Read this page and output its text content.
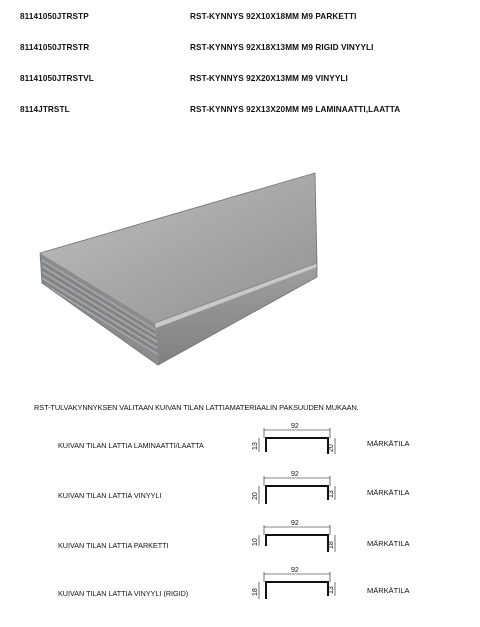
81141050JTRSTP	RST-KYNNYS 92X10X18MM M9 PARKETTI
81141050JTRSTR	RST-KYNNYS 92X18X13MM M9 RIGID VINYYLI
81141050JTRSTVL	RST-KYNNYS 92X20X13MM M9 VINYYLI
8114JTRSTL	RST-KYNNYS 92X13X20MM M9 LAMINAATTI,LAATTA
RST-TULVAKYNNYKSEN VALITAAN KUIVAN TILAN LATTIAMATERIAALIN PAKSUUDEN MUKAAN.
KUIVAN TILAN LATTIA LAMINAATTI/LAATTA
92
13	20
MÄRKÄTILA
KUIVAN TILAN LATTIA VINYYLI
92
20	13	MÄRKÄTILA
KUIVAN TILAN LATTIA PARKETTI
92
10	18	MÄRKÄTILA
KUIVAN TILAN LATTIA VINYYLI (RIGID)
92
18	13	MÄRKÄTILA
